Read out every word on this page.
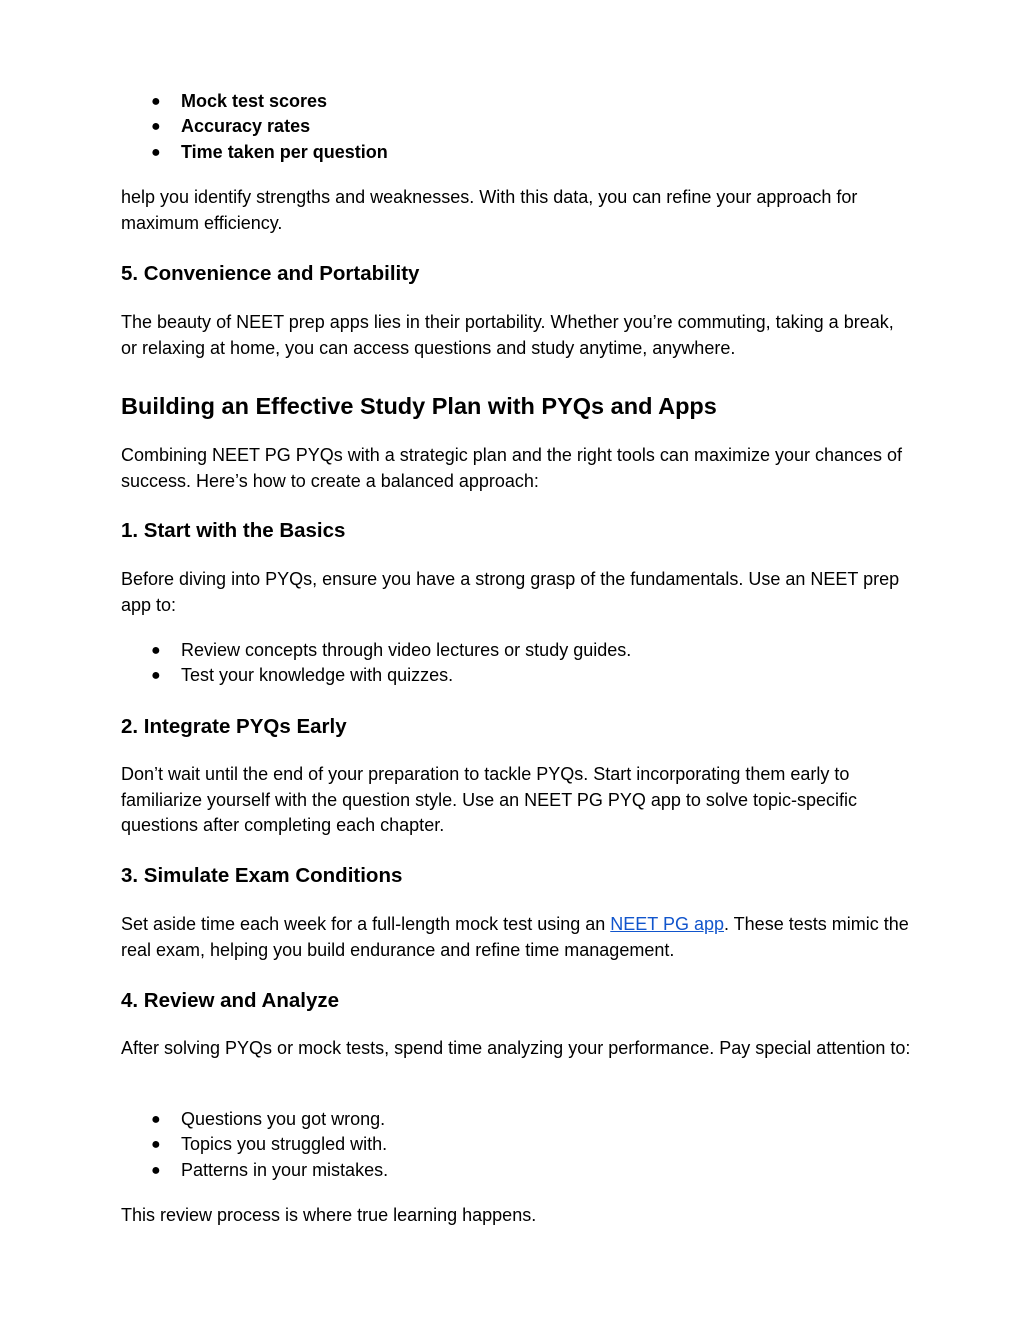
● Mock test scores
● Accuracy rates
● Time taken per question

help you identify strengths and weaknesses. With this data, you can refine your approach for maximum efficiency.

5. Convenience and Portability

The beauty of NEET prep apps lies in their portability. Whether you’re commuting, taking a break, or relaxing at home, you can access questions and study anytime, anywhere.

Building an Effective Study Plan with PYQs and Apps

Combining NEET PG PYQs with a strategic plan and the right tools can maximize your chances of success. Here’s how to create a balanced approach:

1. Start with the Basics

Before diving into PYQs, ensure you have a strong grasp of the fundamentals. Use an NEET prep app to:

● Review concepts through video lectures or study guides.
● Test your knowledge with quizzes.
2. Integrate PYQs Early

Don’t wait until the end of your preparation to tackle PYQs. Start incorporating them early to familiarize yourself with the question style. Use an NEET PG PYQ app to solve topic-specific questions after completing each chapter.

3. Simulate Exam Conditions

Set aside time each week for a full-length mock test using an NEET PG app. These tests mimic the real exam, helping you build endurance and refine time management.

4. Review and Analyze

After solving PYQs or mock tests, spend time analyzing your performance. Pay special attention to:

● Questions you got wrong.
● Topics you struggled with.
● Patterns in your mistakes.

This review process is where true learning happens.
